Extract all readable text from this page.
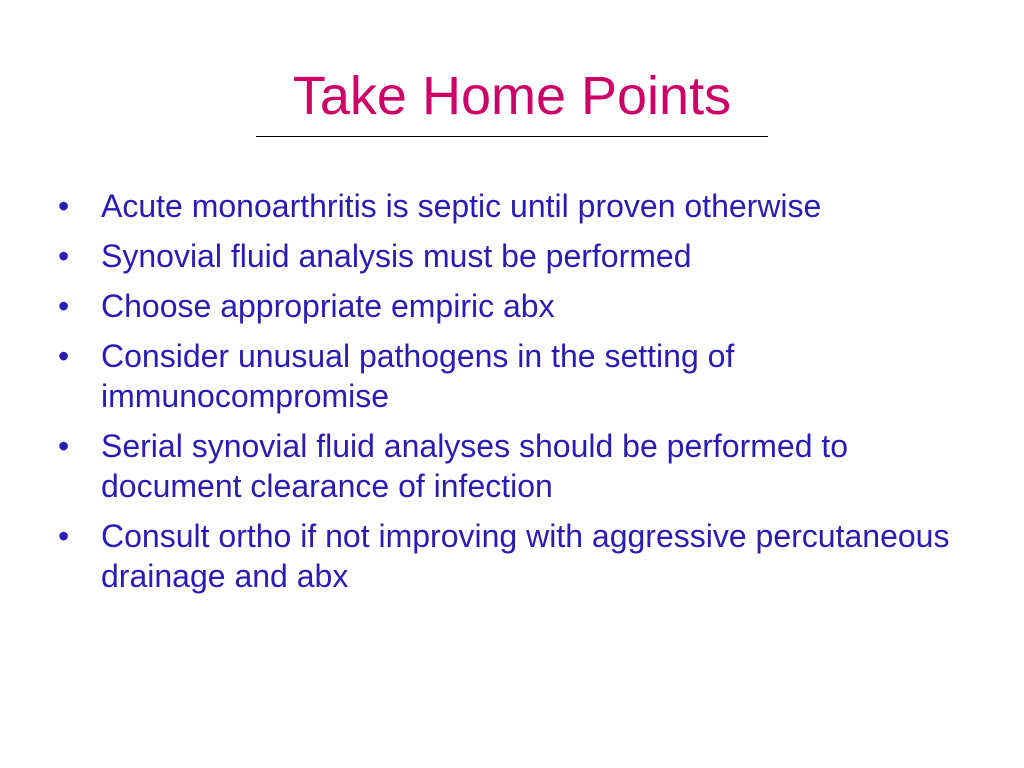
Take Home Points
• Acute monoarthritis is septic until proven otherwise
• Synovial fluid analysis must be performed
• Choose appropriate empiric abx
• Consider unusual pathogens in the setting of immunocompromise
• Serial synovial fluid analyses should be performed to document clearance of infection
• Consult ortho if not improving with aggressive percutaneous drainage and abx
